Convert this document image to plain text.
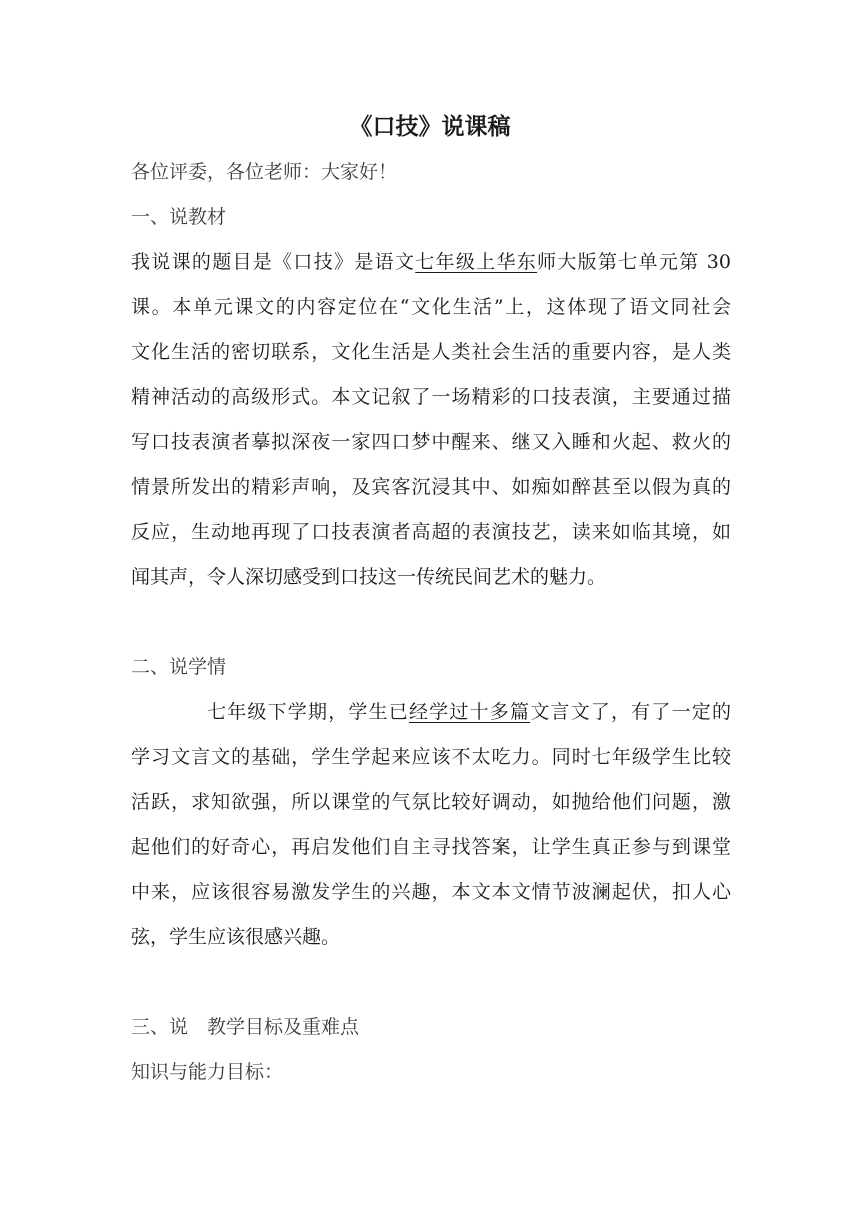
《口技》说课稿

各位评委，各位老师：大家好！

一、说教材

我说课的题目是《口技》是语文七年级上华东师大版第七单元第 30

课。本单元课文的内容定位在“文化生活”上，这体现了语文同社会

文化生活的密切联系，文化生活是人类社会生活的重要内容，是人类

精神活动的高级形式。本文记叙了一场精彩的口技表演，主要通过描

写口技表演者摹拟深夜一家四口梦中醒来、继又入睡和火起、救火的

情景所发出的精彩声响，及宾客沉浸其中、如痴如醉甚至以假为真的

反应，生动地再现了口技表演者高超的表演技艺，读来如临其境，如

闻其声，令人深切感受到口技这一传统民间艺术的魅力。

二、说学情

七年级下学期，学生已经学过十多篇文言文了，有了一定的

学习文言文的基础，学生学起来应该不太吃力。同时七年级学生比较

活跃，求知欲强，所以课堂的气氛比较好调动，如抛给他们问题，激

起他们的好奇心，再启发他们自主寻找答案，让学生真正参与到课堂

中来，应该很容易激发学生的兴趣，本文本文情节波澜起伏，扣人心

弦，学生应该很感兴趣。

三、说　教学目标及重难点

知识与能力目标：
